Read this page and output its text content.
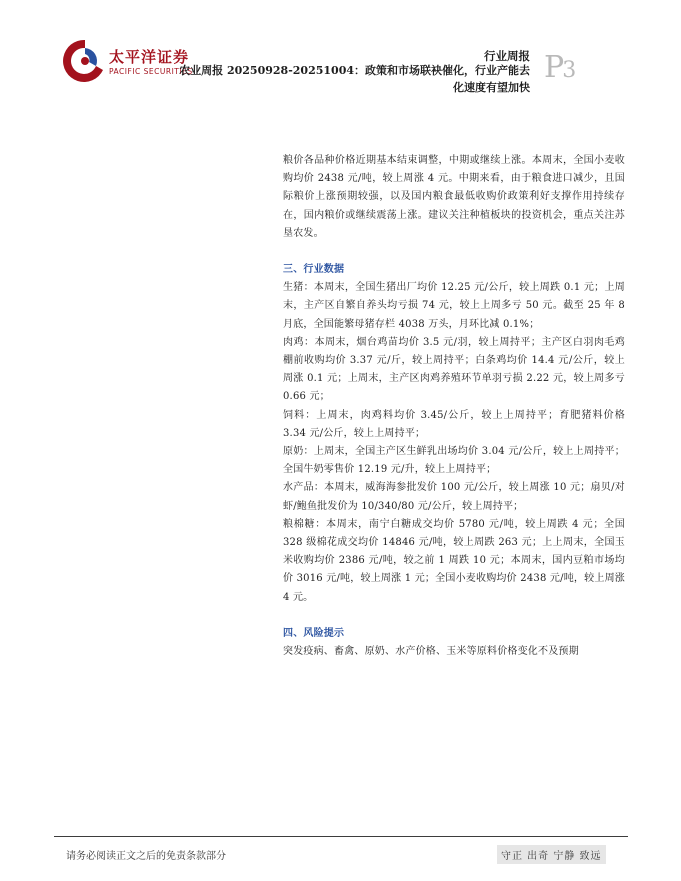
太平洋证券
PACIFIC SECURITIES
行业周报
农业周报 20250928-20251004：政策和市场联袂催化，行业产能去化速度有望加快
P3

粮价各品种价格近期基本结束调整，中期或继续上涨。本周末，全国小麦收购均价 2438 元/吨，较上周涨 4 元。中期来看，由于粮食进口减少，且国际粮价上涨预期较强，以及国内粮食最低收购价政策利好支撑作用持续存在，国内粮价或继续震荡上涨。建议关注种植板块的投资机会，重点关注苏垦农发。

三、行业数据

生猪：本周末，全国生猪出厂均价 12.25 元/公斤，较上周跌 0.1 元；上周末，主产区自繁自养头均亏损 74 元，较上上周多亏 50 元。截至 25 年 8 月底，全国能繁母猪存栏 4038 万头，月环比减 0.1%；

肉鸡：本周末，烟台鸡苗均价 3.5 元/羽，较上周持平；主产区白羽肉毛鸡棚前收购均价 3.37 元/斤，较上周持平；白条鸡均价 14.4 元/公斤，较上周涨 0.1 元；上周末，主产区肉鸡养殖环节单羽亏损 2.22 元，较上周多亏 0.66 元；

饲料：上周末，肉鸡料均价 3.45/公斤，较上上周持平；育肥猪料价格 3.34 元/公斤，较上上周持平；

原奶：上周末，全国主产区生鲜乳出场均价 3.04 元/公斤，较上上周持平；全国牛奶零售价 12.19 元/升，较上上周持平；

水产品：本周末，威海海参批发价 100 元/公斤，较上周涨 10 元；扇贝/对虾/鲍鱼批发价为 10/340/80 元/公斤，较上周持平；

粮棉糖：本周末，南宁白糖成交均价 5780 元/吨，较上周跌 4 元；全国 328 级棉花成交均价 14846 元/吨，较上周跌 263 元；上上周末，全国玉米收购均价 2386 元/吨，较之前 1 周跌 10 元；本周末，国内豆粕市场均价 3016 元/吨，较上周涨 1 元；全国小麦收购均价 2438 元/吨，较上周涨 4 元。

四、风险提示

突发疫病、畜禽、原奶、水产价格、玉米等原料价格变化不及预期

请务必阅读正文之后的免责条款部分	守正 出奇 宁静 致远
